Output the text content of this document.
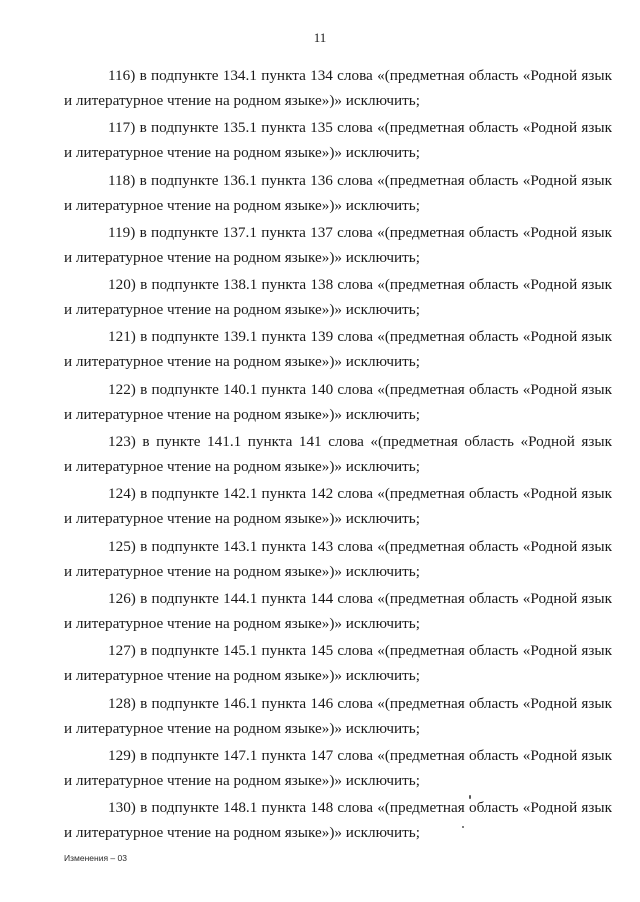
11
116) в подпункте 134.1 пункта 134 слова «(предметная область «Родной язык
и литературное чтение на родном языке»)» исключить;
117) в подпункте 135.1 пункта 135 слова «(предметная область «Родной язык
и литературное чтение на родном языке»)» исключить;
118) в подпункте 136.1 пункта 136 слова «(предметная область «Родной язык
и литературное чтение на родном языке»)» исключить;
119) в подпункте 137.1 пункта 137 слова «(предметная область «Родной язык
и литературное чтение на родном языке»)» исключить;
120) в подпункте 138.1 пункта 138 слова «(предметная область «Родной язык
и литературное чтение на родном языке»)» исключить;
121) в подпункте 139.1 пункта 139 слова «(предметная область «Родной язык
и литературное чтение на родном языке»)» исключить;
122) в подпункте 140.1 пункта 140 слова «(предметная область «Родной язык
и литературное чтение на родном языке»)» исключить;
123) в пункте 141.1 пункта 141 слова «(предметная область «Родной язык
и литературное чтение на родном языке»)» исключить;
124) в подпункте 142.1 пункта 142 слова «(предметная область «Родной язык
и литературное чтение на родном языке»)» исключить;
125) в подпункте 143.1 пункта 143 слова «(предметная область «Родной язык
и литературное чтение на родном языке»)» исключить;
126) в подпункте 144.1 пункта 144 слова «(предметная область «Родной язык
и литературное чтение на родном языке»)» исключить;
127) в подпункте 145.1 пункта 145 слова «(предметная область «Родной язык
и литературное чтение на родном языке»)» исключить;
128) в подпункте 146.1 пункта 146 слова «(предметная область «Родной язык
и литературное чтение на родном языке»)» исключить;
129) в подпункте 147.1 пункта 147 слова «(предметная область «Родной язык
и литературное чтение на родном языке»)» исключить;
130) в подпункте 148.1 пункта 148 слова «(предметная область «Родной язык
и литературное чтение на родном языке»)» исключить;
Изменения – 03
